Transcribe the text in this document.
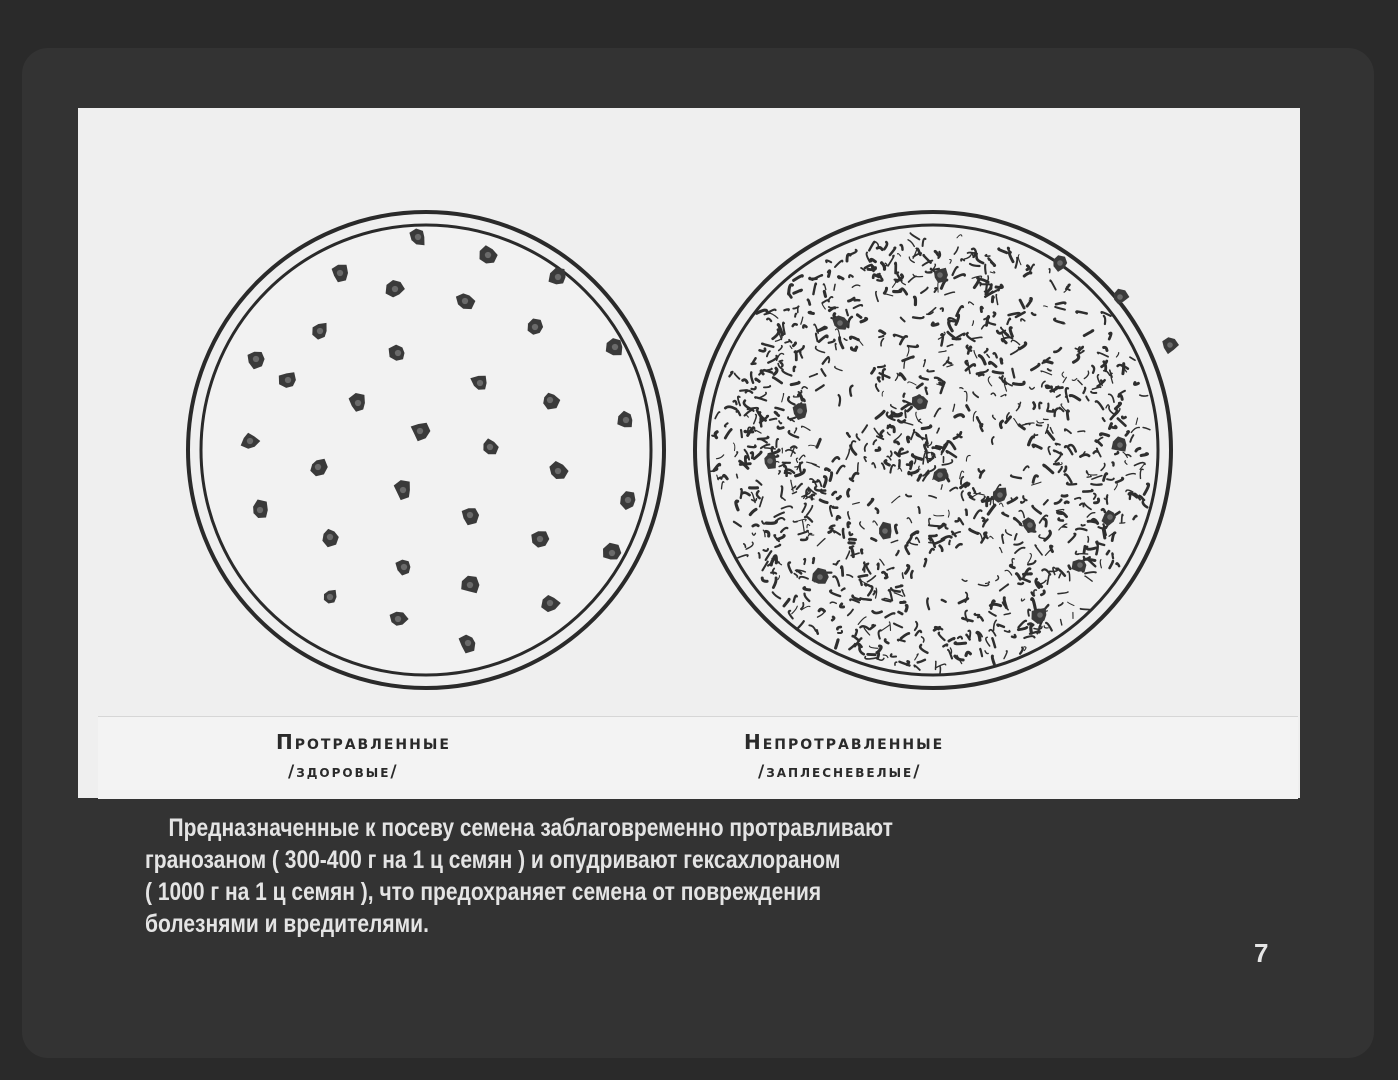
Протравленные
/здоровые/
Непротравленные
/заплесневелые/
Предназначенные к посеву семена заблаговременно протравливают
гранозаном ( 300-400 г на 1 ц семян ) и опудривают гексахлораном
( 1000 г на 1 ц семян ), что предохраняет семена от повреждения
болезнями и вредителями.
7
